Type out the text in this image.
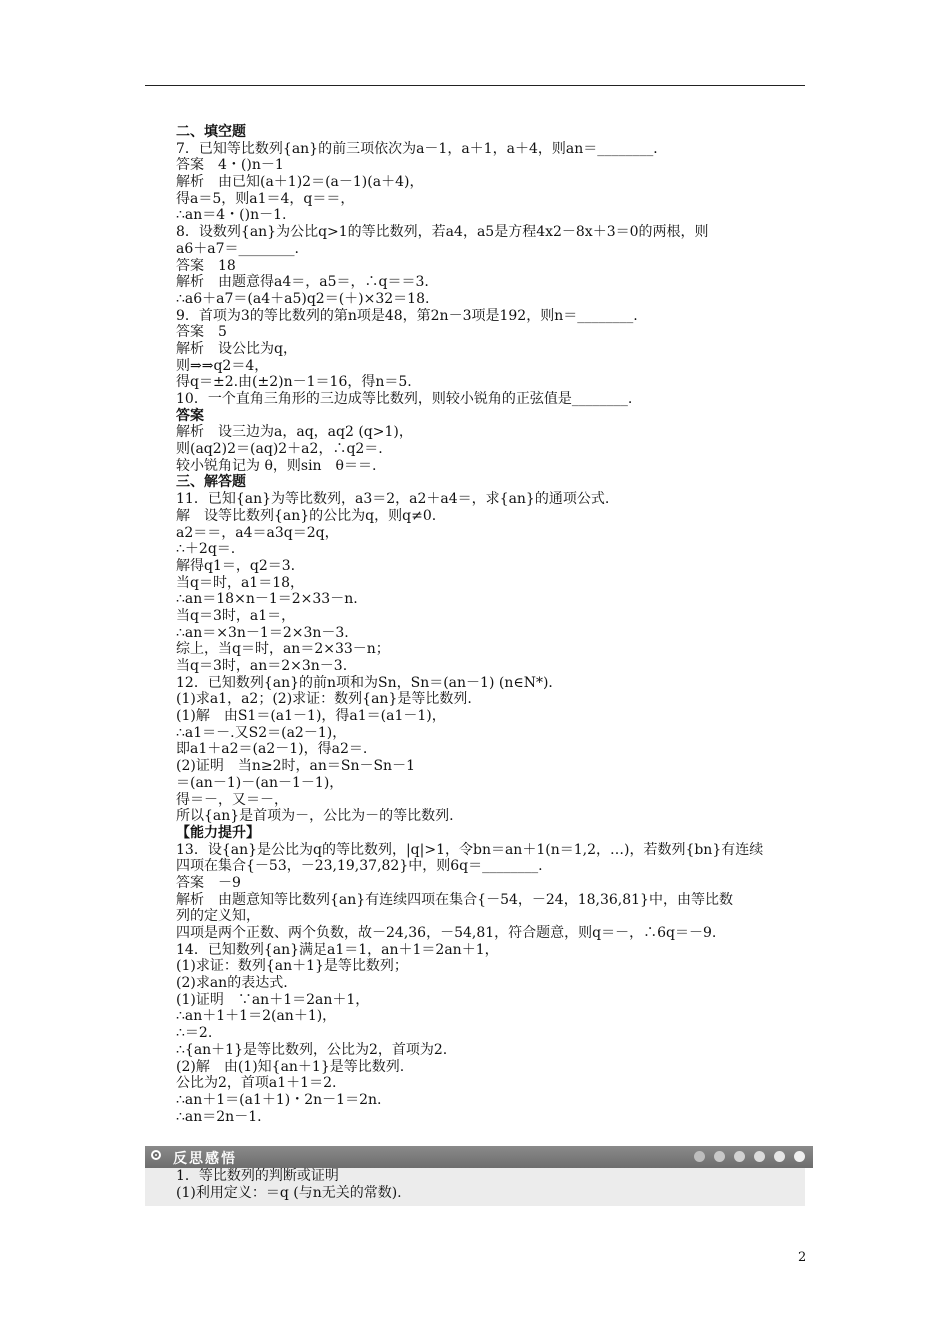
二、填空题
7．已知等比数列{an}的前三项依次为a－1，a＋1，a＋4，则an＝________．
答案　4・()n－1
解析　由已知(a＋1)2＝(a－1)(a＋4)，
得a＝5，则a1＝4，q＝＝，
∴an＝4・()n－1.
8．设数列{an}为公比q>1的等比数列，若a4，a5是方程4x2－8x＋3＝0的两根，则
a6＋a7＝________.
答案　18
解析　由题意得a4＝，a5＝，∴q＝＝3.
∴a6＋a7＝(a4＋a5)q2＝(＋)×32＝18.
9．首项为3的等比数列的第n项是48，第2n－3项是192，则n＝________.
答案　5
解析　设公比为q，
则⇒⇒q2＝4，
得q＝±2.由(±2)n－1＝16，得n＝5.
10．一个直角三角形的三边成等比数列，则较小锐角的正弦值是________.
答案
解析　设三边为a，aq，aq2 (q>1)，
则(aq2)2＝(aq)2＋a2，∴q2＝.
较小锐角记为 θ，则sin　θ＝＝.
三、解答题
11．已知{an}为等比数列，a3＝2，a2＋a4＝，求{an}的通项公式.
解　设等比数列{an}的公比为q，则q≠0.
a2＝＝，a4＝a3q＝2q，
∴＋2q＝.
解得q1＝，q2＝3.
当q＝时，a1＝18，
∴an＝18×n－1＝2×33－n.
当q＝3时，a1＝，
∴an＝×3n－1＝2×3n－3.
综上，当q＝时，an＝2×33－n；
当q＝3时，an＝2×3n－3.
12．已知数列{an}的前n项和为Sn，Sn＝(an－1) (n∈N*)．
(1)求a1，a2；(2)求证：数列{an}是等比数列.
(1)解　由S1＝(a1－1)，得a1＝(a1－1)，
∴a1＝－.又S2＝(a2－1)，
即a1＋a2＝(a2－1)，得a2＝.
(2)证明　当n≥2时，an＝Sn－Sn－1
＝(an－1)－(an－1－1)，
得＝－，又＝－，
所以{an}是首项为－，公比为－的等比数列.
【能力提升】
13．设{an}是公比为q的等比数列，|q|>1，令bn＝an＋1(n＝1,2，…)，若数列{bn}有连续
四项在集合{－53，－23,19,37,82}中，则6q＝________.
答案　－9
解析　由题意知等比数列{an}有连续四项在集合{－54，－24，18,36,81}中，由等比数
列的定义知，
四项是两个正数、两个负数，故－24,36，－54,81，符合题意，则q＝－，∴6q＝－9.
14．已知数列{an}满足a1＝1，an＋1＝2an＋1，
(1)求证：数列{an＋1}是等比数列；
(2)求an的表达式.
(1)证明　∵an＋1＝2an＋1，
∴an＋1＋1＝2(an＋1)，
∴＝2.
∴{an＋1}是等比数列，公比为2，首项为2.
(2)解　由(1)知{an＋1}是等比数列.
公比为2，首项a1＋1＝2.
∴an＋1＝(a1＋1)・2n－1＝2n.
∴an＝2n－1.
反思感悟
1．等比数列的判断或证明
(1)利用定义：＝q (与n无关的常数).
2
